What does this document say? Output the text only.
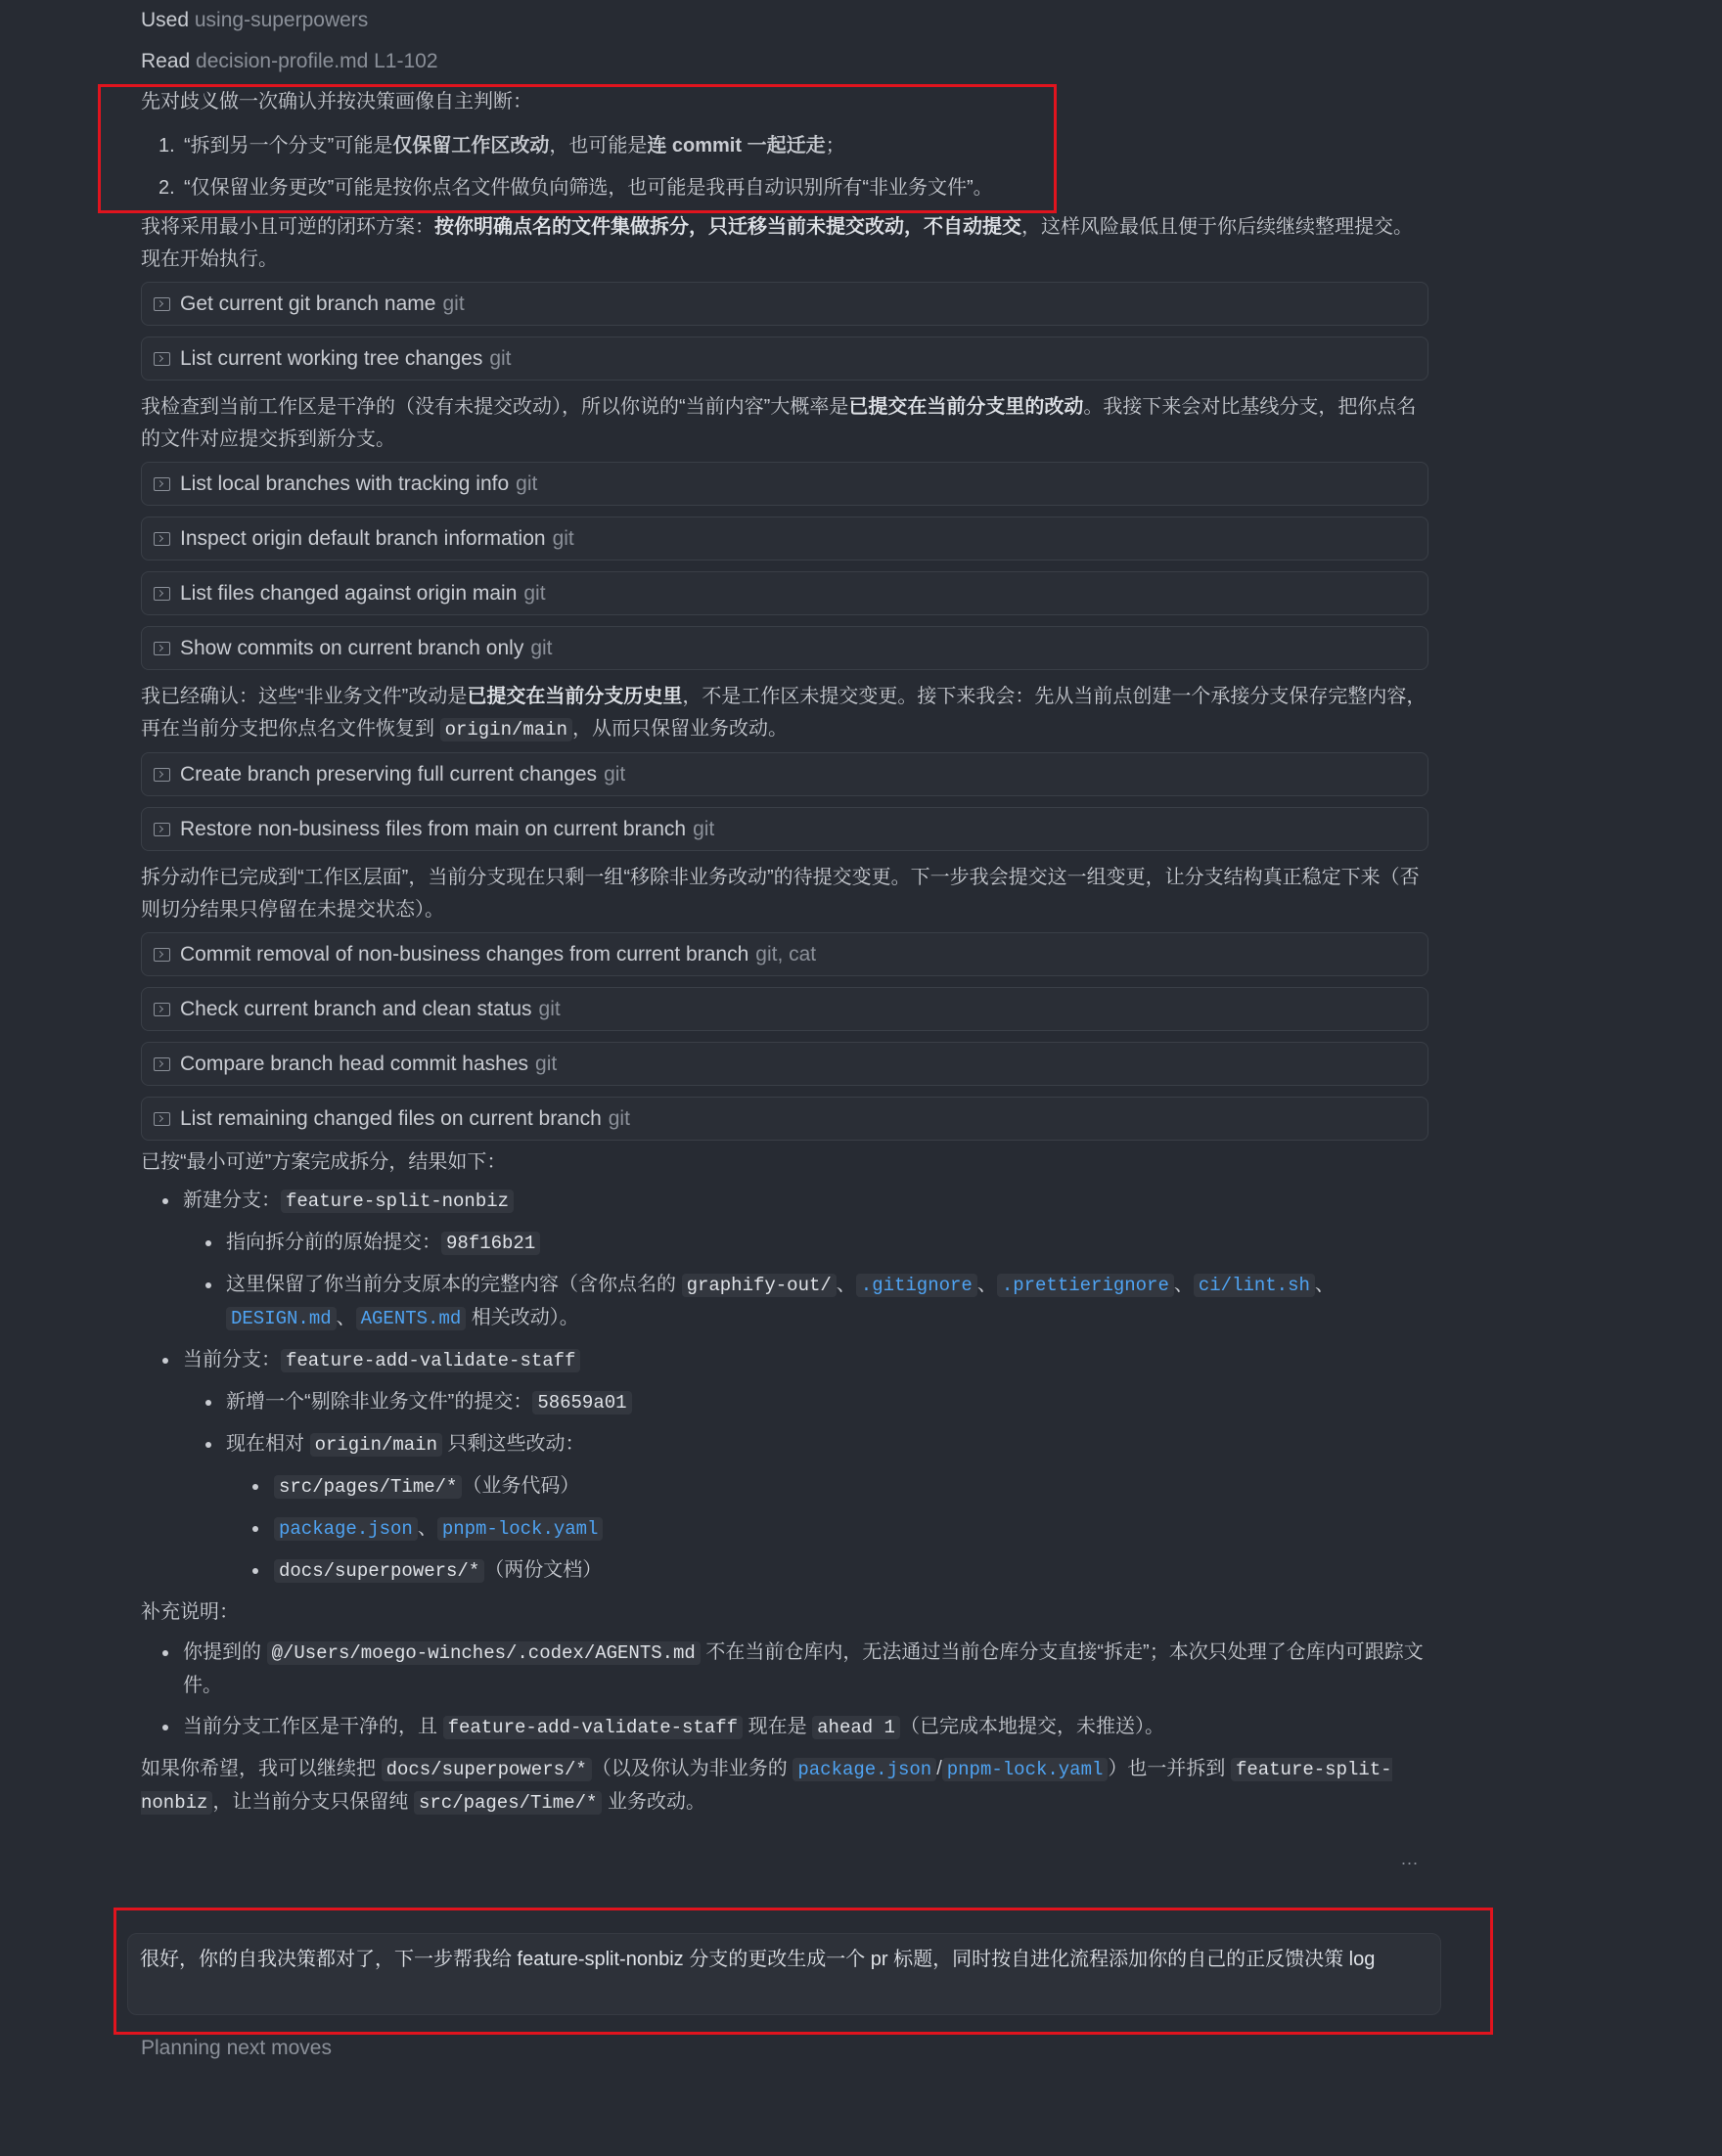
Used using-superpowers
Read decision-profile.md L1-102
先对歧义做一次确认并按决策画像自主判断：
1. “拆到另一个分支”可能是仅保留工作区改动，也可能是连 commit 一起迁走；
2. “仅保留业务更改”可能是按你点名文件做负向筛选，也可能是我再自动识别所有“非业务文件”。
我将采用最小且可逆的闭环方案：按你明确点名的文件集做拆分，只迁移当前未提交改动，不自动提交，这样风险最低且便于你后续继续整理提交。现在开始执行。
Get current git branch name git
List current working tree changes git
我检查到当前工作区是干净的（没有未提交改动），所以你说的“当前内容”大概率是已提交在当前分支里的改动。我接下来会对比基线分支，把你点名的文件对应提交拆到新分支。
List local branches with tracking info git
Inspect origin default branch information git
List files changed against origin main git
Show commits on current branch only git
我已经确认：这些“非业务文件”改动是已提交在当前分支历史里，不是工作区未提交变更。接下来我会：先从当前点创建一个承接分支保存完整内容，再在当前分支把你点名文件恢复到 origin/main ，从而只保留业务改动。
Create branch preserving full current changes git
Restore non-business files from main on current branch git
拆分动作已完成到“工作区层面”，当前分支现在只剩一组“移除非业务改动”的待提交变更。下一步我会提交这一组变更，让分支结构真正稳定下来（否则切分结果只停留在未提交状态）。
Commit removal of non-business changes from current branch git, cat
Check current branch and clean status git
Compare branch head commit hashes git
List remaining changed files on current branch git
已按“最小可逆”方案完成拆分，结果如下：
新建分支： feature-split-nonbiz
指向拆分前的原始提交： 98f16b21
这里保留了你当前分支原本的完整内容（含你点名的 graphify-out/ 、 .gitignore 、 .prettierignore 、 ci/lint.sh 、DESIGN.md 、 AGENTS.md 相关改动）。
当前分支： feature-add-validate-staff
新增一个“剔除非业务文件”的提交： 58659a01
现在相对 origin/main 只剩这些改动：
src/pages/Time/* （业务代码）
package.json 、 pnpm-lock.yaml
docs/superpowers/* （两份文档）
补充说明：
你提到的 @/Users/moego-winches/.codex/AGENTS.md 不在当前仓库内，无法通过当前仓库分支直接“拆走”；本次只处理了仓库内可跟踪文件。
当前分支工作区是干净的，且 feature-add-validate-staff 现在是 ahead 1 （已完成本地提交，未推送）。
如果你希望，我可以继续把 docs/superpowers/* （以及你认为非业务的 package.json / pnpm-lock.yaml ）也一并拆到 feature-split-nonbiz ，让当前分支只保留纯 src/pages/Time/* 业务改动。
...
很好，你的自我决策都对了，下一步帮我给 feature-split-nonbiz 分支的更改生成一个 pr 标题，同时按自进化流程添加你的自己的正反馈决策 log
Planning next moves
